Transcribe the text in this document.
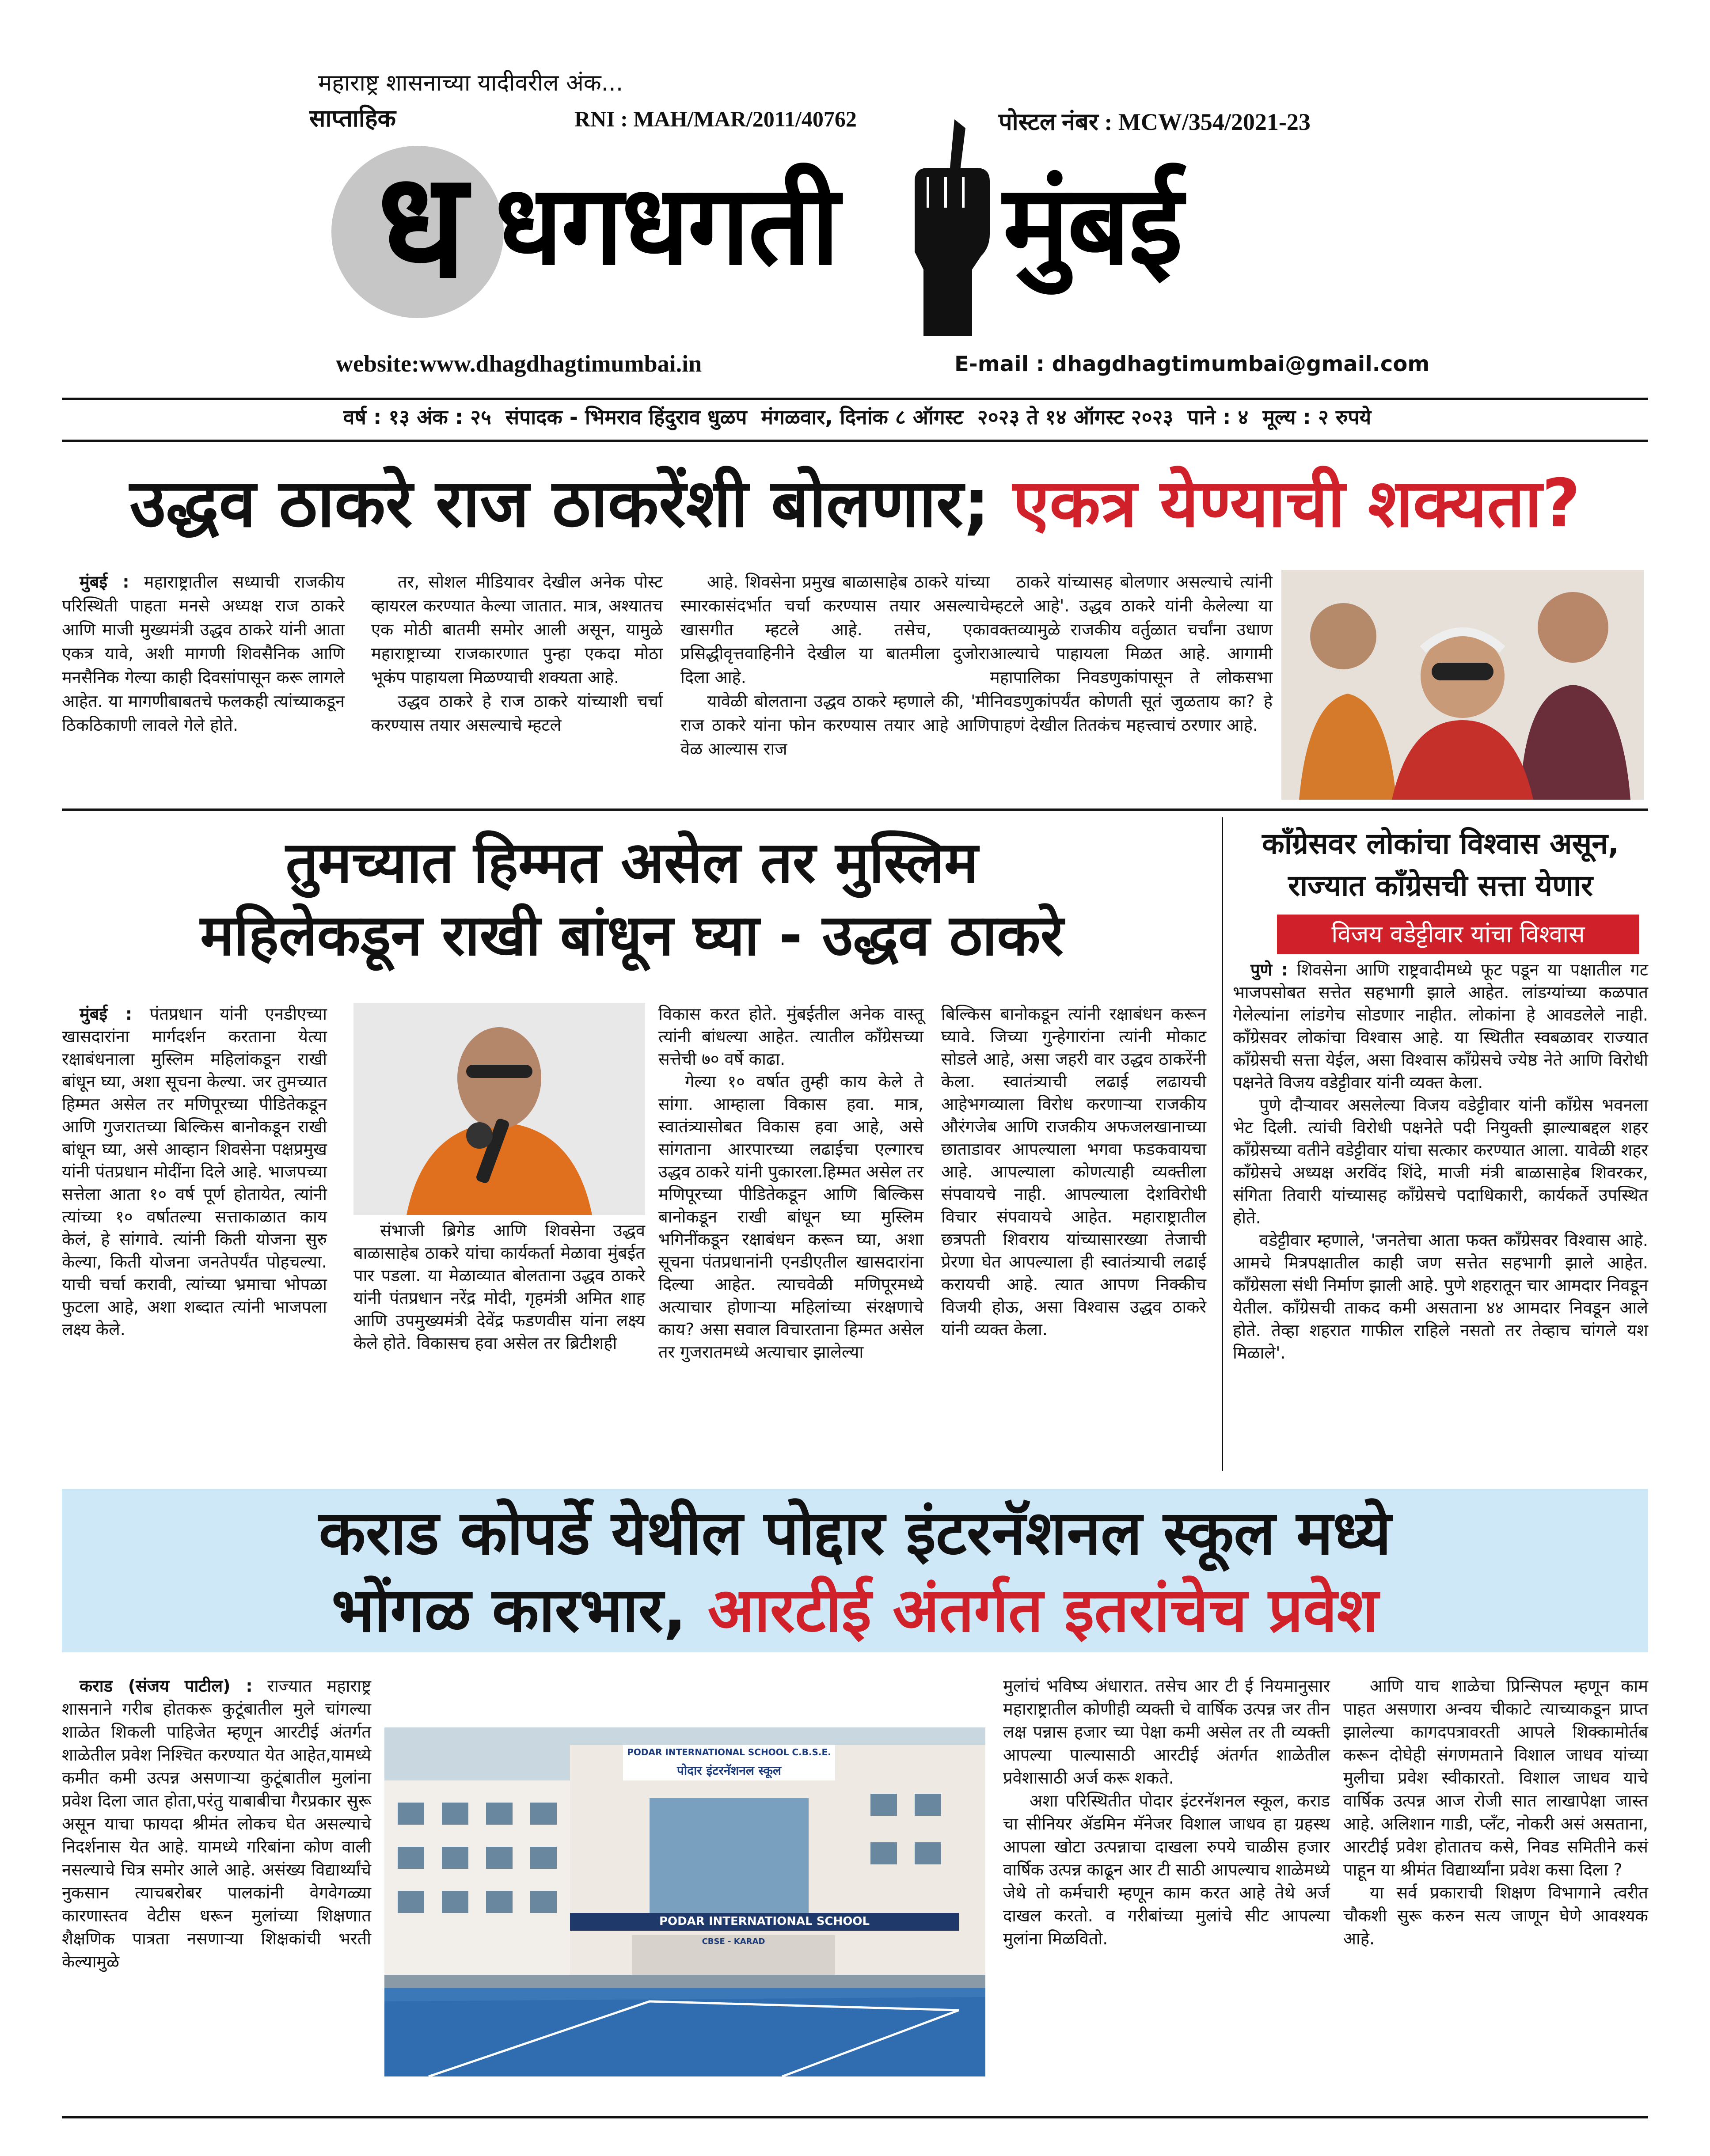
महाराष्ट्र शासनाच्या यादीवरील अंक...
साप्ताहिक	RNI : MAH/MAR/2011/40762	पोस्टल नंबर : MCW/354/2021-23
ध धगधगती मुंबई
website:www.dhagdhagtimumbai.in	E-mail : dhagdhagtimumbai@gmail.com
वर्ष : १३ अंक : २५  संपादक - भिमराव हिंदुराव धुळप  मंगळवार, दिनांक ८ ऑगस्ट  २०२३ ते १४ ऑगस्ट २०२३  पाने : ४  मूल्य : २ रुपये
उद्धव ठाकरे राज ठाकरेंशी बोलणार; एकत्र येण्याची शक्यता?

मुंबई : महाराष्ट्रातील सध्याची राजकीय परिस्थिती पाहता मनसे अध्यक्ष राज ठाकरे आणि माजी मुख्यमंत्री उद्धव ठाकरे यांनी आता एकत्र यावे, अशी मागणी शिवसैनिक आणि मनसैनिक गेल्या काही दिवसांपासून करू लागले आहेत. या मागणीबाबतचे फलकही त्यांच्याकडून ठिकठिकाणी लावले गेले होते.

तर, सोशल मीडियावर देखील अनेक पोस्ट व्हायरल करण्यात केल्या जातात. मात्र, अश्यातच एक मोठी बातमी समोर आली असून, यामुळे महाराष्ट्राच्या राजकारणात पुन्हा एकदा मोठा भूकंप पाहायला मिळण्याची शक्यता आहे.

उद्धव ठाकरे हे राज ठाकरे यांच्याशी चर्चा करण्यास तयार असल्याचे म्हटले

आहे. शिवसेना प्रमुख बाळासाहेब ठाकरे यांच्या स्मारकासंदर्भात चर्चा करण्यास तयार असल्याचे खासगीत म्हटले आहे. तसेच, एका प्रसिद्धीवृत्तवाहिनीने देखील या बातमीला दुजोरा दिला आहे.

यावेळी बोलताना उद्धव ठाकरे म्हणाले की, 'मी राज ठाकरे यांना फोन करण्यास तयार आहे आणि वेळ आल्यास राज

ठाकरे यांच्यासह बोलणार असल्याचे त्यांनी म्हटले आहे'. उद्धव ठाकरे यांनी केलेल्या या वक्तव्यामुळे राजकीय वर्तुळात चर्चांना उधाण आल्याचे पाहायला मिळत आहे. आगामी महापालिका निवडणुकांपासून ते लोकसभा निवडणुकांपर्यंत कोणती सूतं जुळताय का? हे पाहणं देखील तितकंच महत्त्वाचं ठरणार आहे.

तुमच्यात हिम्मत असेल तर मुस्लिम
महिलेकडून राखी बांधून घ्या - उद्धव ठाकरे

मुंबई : पंतप्रधान यांनी एनडीएच्या खासदारांना मार्गदर्शन करताना येत्या रक्षाबंधनाला मुस्लिम महिलांकडून राखी बांधून घ्या, अशा सूचना केल्या. जर तुमच्यात हिम्मत असेल तर मणिपूरच्या पीडितेकडून आणि गुजरातच्या बिल्किस बानोकडून राखी बांधून घ्या, असे आव्हान शिवसेना पक्षप्रमुख यांनी पंतप्रधान मोदींना दिले आहे. भाजपच्या सत्तेला आता १० वर्ष पूर्ण होतायेत, त्यांनी त्यांच्या १० वर्षातल्या सत्ताकाळात काय केलं, हे सांगावे. त्यांनी किती योजना सुरु केल्या, किती योजना जनतेपर्यंत पोहचल्या. याची चर्चा करावी, त्यांच्या भ्रमाचा भोपळा फुटला आहे, अशा शब्दात त्यांनी भाजपला लक्ष्य केले.

संभाजी ब्रिगेड आणि शिवसेना उद्धव बाळासाहेब ठाकरे यांचा कार्यकर्ता मेळावा मुंबईत पार पडला. या मेळाव्यात बोलताना उद्धव ठाकरे यांनी पंतप्रधान नरेंद्र मोदी, गृहमंत्री अमित शाह आणि उपमुख्यमंत्री देवेंद्र फडणवीस यांना लक्ष्य केले होते. विकासच हवा असेल तर ब्रिटीशही

विकास करत होते. मुंबईतील अनेक वास्तू त्यांनी बांधल्या आहेत. त्यातील काँग्रेसच्या सत्तेची ७० वर्षे काढा.

गेल्या १० वर्षात तुम्ही काय केले ते सांगा. आम्हाला विकास हवा. मात्र, स्वातंत्र्यासोबत विकास हवा आहे, असे सांगताना आरपारच्या लढाईचा एल्गारच उद्धव ठाकरे यांनी पुकारला.हिम्मत असेल तर मणिपूरच्या पीडितेकडून आणि बिल्किस बानोकडून राखी बांधून घ्या मुस्लिम भगिनींकडून रक्षाबंधन करून घ्या, अशा सूचना पंतप्रधानांनी एनडीएतील खासदारांना दिल्या आहेत. त्याचवेळी मणिपूरमध्ये अत्याचार होणाऱ्या महिलांच्या संरक्षणाचे काय? असा सवाल विचारताना हिम्मत असेल तर गुजरातमध्ये अत्याचार झालेल्या

बिल्किस बानोकडून त्यांनी रक्षाबंधन करून घ्यावे. जिच्या गुन्हेगारांना त्यांनी मोकाट सोडले आहे, असा जहरी वार उद्धव ठाकरेंनी केला. स्वातंत्र्याची लढाई लढायची आहेभगव्याला विरोध करणाऱ्या राजकीय औरंगजेब आणि राजकीय अफजलखानाच्या छाताडावर आपल्याला भगवा फडकवायचा आहे. आपल्याला कोणत्याही व्यक्तीला संपवायचे नाही. आपल्याला देशविरोधी विचार संपवायचे आहेत. महाराष्ट्रातील छत्रपती शिवराय यांच्यासारख्या तेजाची प्रेरणा घेत आपल्याला ही स्वातंत्र्याची लढाई करायची आहे. त्यात आपण निक्कीच विजयी होऊ, असा विश्वास उद्धव ठाकरे यांनी व्यक्त केला.

काँग्रेसवर लोकांचा विश्वास असून,
राज्यात काँग्रेसची सत्ता येणार
विजय वडेट्टीवार यांचा विश्वास

पुणे : शिवसेना आणि राष्ट्रवादीमध्ये फूट पडून या पक्षातील गट भाजपसोबत सत्तेत सहभागी झाले आहेत. लांडग्यांच्या कळपात गेलेल्यांना लांडगेच सोडणार नाहीत. लोकांना हे आवडलेले नाही. काँग्रेसवर लोकांचा विश्वास आहे. या स्थितीत स्वबळावर राज्यात काँग्रेसची सत्ता येईल, असा विश्वास काँग्रेसचे ज्येष्ठ नेते आणि विरोधी पक्षनेते विजय वडेट्टीवार यांनी व्यक्त केला.

पुणे दौऱ्यावर असलेल्या विजय वडेट्टीवार यांनी काँग्रेस भवनला भेट दिली. त्यांची विरोधी पक्षनेते पदी नियुक्ती झाल्याबद्दल शहर काँग्रेसच्या वतीने वडेट्टीवार यांचा सत्कार करण्यात आला. यावेळी शहर काँग्रेसचे अध्यक्ष अरविंद शिंदे, माजी मंत्री बाळासाहेब शिवरकर, संगिता तिवारी यांच्यासह काँग्रेसचे पदाधिकारी, कार्यकर्ते उपस्थित होते.

वडेट्टीवार म्हणाले, 'जनतेचा आता फक्त काँग्रेसवर विश्वास आहे. आमचे मित्रपक्षातील काही जण सत्तेत सहभागी झाले आहेत. काँग्रेसला संधी निर्माण झाली आहे. पुणे शहरातून चार आमदार निवडून येतील. काँग्रेसची ताकद कमी असताना ४४ आमदार निवडून आले होते. तेव्हा शहरात गाफील राहिले नसतो तर तेव्हाच चांगले यश मिळाले'.

कराड कोपर्डे येथील पोद्दार इंटरनॅशनल स्कूल मध्ये
भोंगळ कारभार, आरटीई अंतर्गत इतरांचेच प्रवेश

कराड (संजय पाटील) : राज्यात महाराष्ट्र शासनाने गरीब होतकरू कुटूंबातील मुले चांगल्या शाळेत शिकली पाहिजेत म्हणून आरटीई अंतर्गत शाळेतील प्रवेश निश्चित करण्यात येत आहेत,यामध्ये कमीत कमी उत्पन्न असणाऱ्या कुटूंबातील मुलांना प्रवेश दिला जात होता,परंतु याबाबीचा गैरप्रकार सुरू असून याचा फायदा श्रीमंत लोकच घेत असल्याचे निदर्शनास येत आहे. यामध्ये गरिबांना कोण वाली नसल्याचे चित्र समोर आले आहे. असंख्य विद्यार्थ्यांचे नुकसान त्याचबरोबर पालकांनी वेगवेगळ्या कारणास्तव वेटीस धरून मुलांच्या शिक्षणात शैक्षणिक पात्रता नसणाऱ्या शिक्षकांची भरती केल्यामुळे

PODAR INTERNATIONAL SCHOOL C.B.S.E.
पोदार इंटरनॅशनल स्कूल
PODAR INTERNATIONAL SCHOOL
CBSE - KARAD

मुलांचं भविष्य अंधारात. तसेच आर टी ई नियमानुसार महाराष्ट्रातील कोणीही व्यक्ती चे वार्षिक उत्पन्न जर तीन लक्ष पन्नास हजार च्या पेक्षा कमी असेल तर ती व्यक्ती आपल्या पाल्यासाठी आरटीई अंतर्गत शाळेतील प्रवेशासाठी अर्ज करू शकते.

अशा परिस्थितीत पोदार इंटरनॅशनल स्कूल, कराड चा सीनियर ॲडमिन मॅनेजर विशाल जाधव हा ग्रहस्थ आपला खोटा उत्पन्नाचा दाखला रुपये चाळीस हजार वार्षिक उत्पन्न काढून आर टी साठी आपल्याच शाळेमध्ये जेथे तो कर्मचारी म्हणून काम करत आहे तेथे अर्ज दाखल करतो. व गरीबांच्या मुलांचे सीट आपल्या मुलांना मिळवितो.

आणि याच शाळेचा प्रिन्सिपल म्हणून काम पाहत असणारा अन्वय चीकाटे त्याच्याकडून प्राप्त झालेल्या कागदपत्रावरती आपले शिक्कामोर्तब करून दोघेही संगणमताने विशाल जाधव यांच्या मुलीचा प्रवेश स्वीकारतो. विशाल जाधव याचे वार्षिक उत्पन्न आज रोजी सात लाखापेक्षा जास्त आहे. अलिशान गाडी, प्लॅंट, नोकरी असं असताना, आरटीई प्रवेश होतातच कसे, निवड समितीने कसं पाहून या श्रीमंत विद्यार्थ्यांना प्रवेश कसा दिला ?

या सर्व प्रकाराची शिक्षण विभागाने त्वरीत चौकशी सुरू करुन सत्य जाणून घेणे आवश्यक आहे.
